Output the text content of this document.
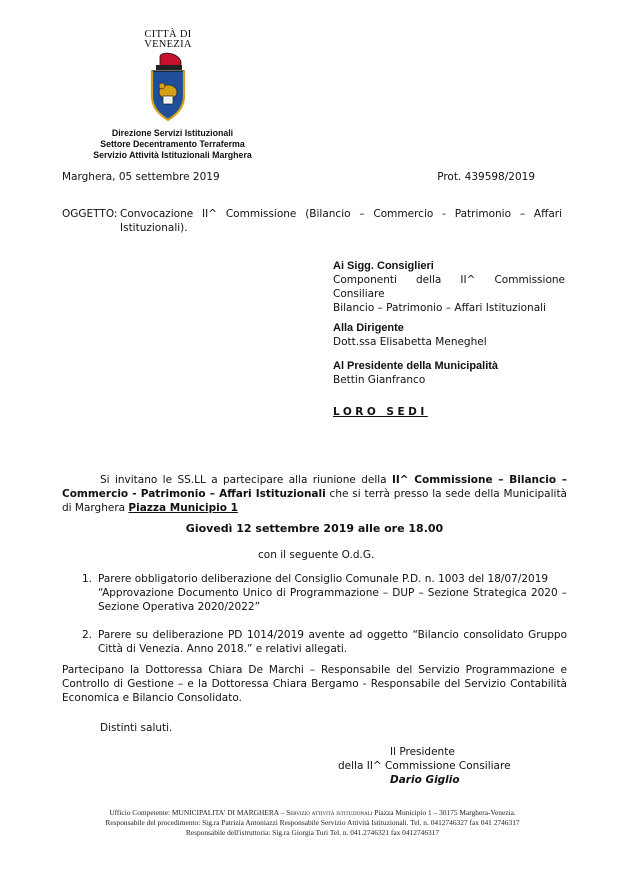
CITTÀ DI
VENEZIA
Direzione Servizi Istituzionali
Settore Decentramento Terraferma
Servizio Attività Istituzionali Marghera
Marghera, 05 settembre 2019	Prot. 439598/2019
OGGETTO: Convocazione II^ Commissione (Bilancio – Commercio - Patrimonio – Affari Istituzionali).
Ai Sigg. Consiglieri
Componenti della II^ Commissione
Consiliare
Bilancio – Patrimonio – Affari Istituzionali
Alla Dirigente
Dott.ssa Elisabetta Meneghel
Al Presidente della Municipalità
Bettin Gianfranco
LORO SEDI
Si invitano le SS.LL a partecipare alla riunione della II^ Commissione – Bilancio – Commercio - Patrimonio – Affari Istituzionali che si terrà presso la sede della Municipalità di Marghera Piazza Municipio 1
Giovedì 12 settembre 2019 alle ore 18.00
con il seguente O.d.G.
1. Parere obbligatorio deliberazione del Consiglio Comunale P.D. n. 1003 del 18/07/2019
“Approvazione Documento Unico di Programmazione – DUP – Sezione Strategica 2020 – Sezione Operativa 2020/2022”
2. Parere su deliberazione PD 1014/2019 avente ad oggetto “Bilancio consolidato Gruppo Città di Venezia. Anno 2018.” e relativi allegati.
Partecipano la Dottoressa Chiara De Marchi – Responsabile del Servizio Programmazione e Controllo di Gestione – e la Dottoressa Chiara Bergamo - Responsabile del Servizio Contabilità Economica e Bilancio Consolidato.
Distinti saluti.
Il Presidente
della II^ Commissione Consiliare
Dario Giglio
Ufficio Competente: MUNICIPALITA' DI MARGHERA – Servizio attività istituzionali Piazza Municipio 1 – 30175 Marghera-Venezia.
Responsabile del procedimento: Sig.ra Patrizia Antoniazzi Responsabile Servizio Attività Istituzionali. Tel. n. 0412746327 fax 041 2746317
Responsabile dell'istruttoria: Sig.ra Giorgia Turi Tel. n. 041.2746321 fax 0412746317
